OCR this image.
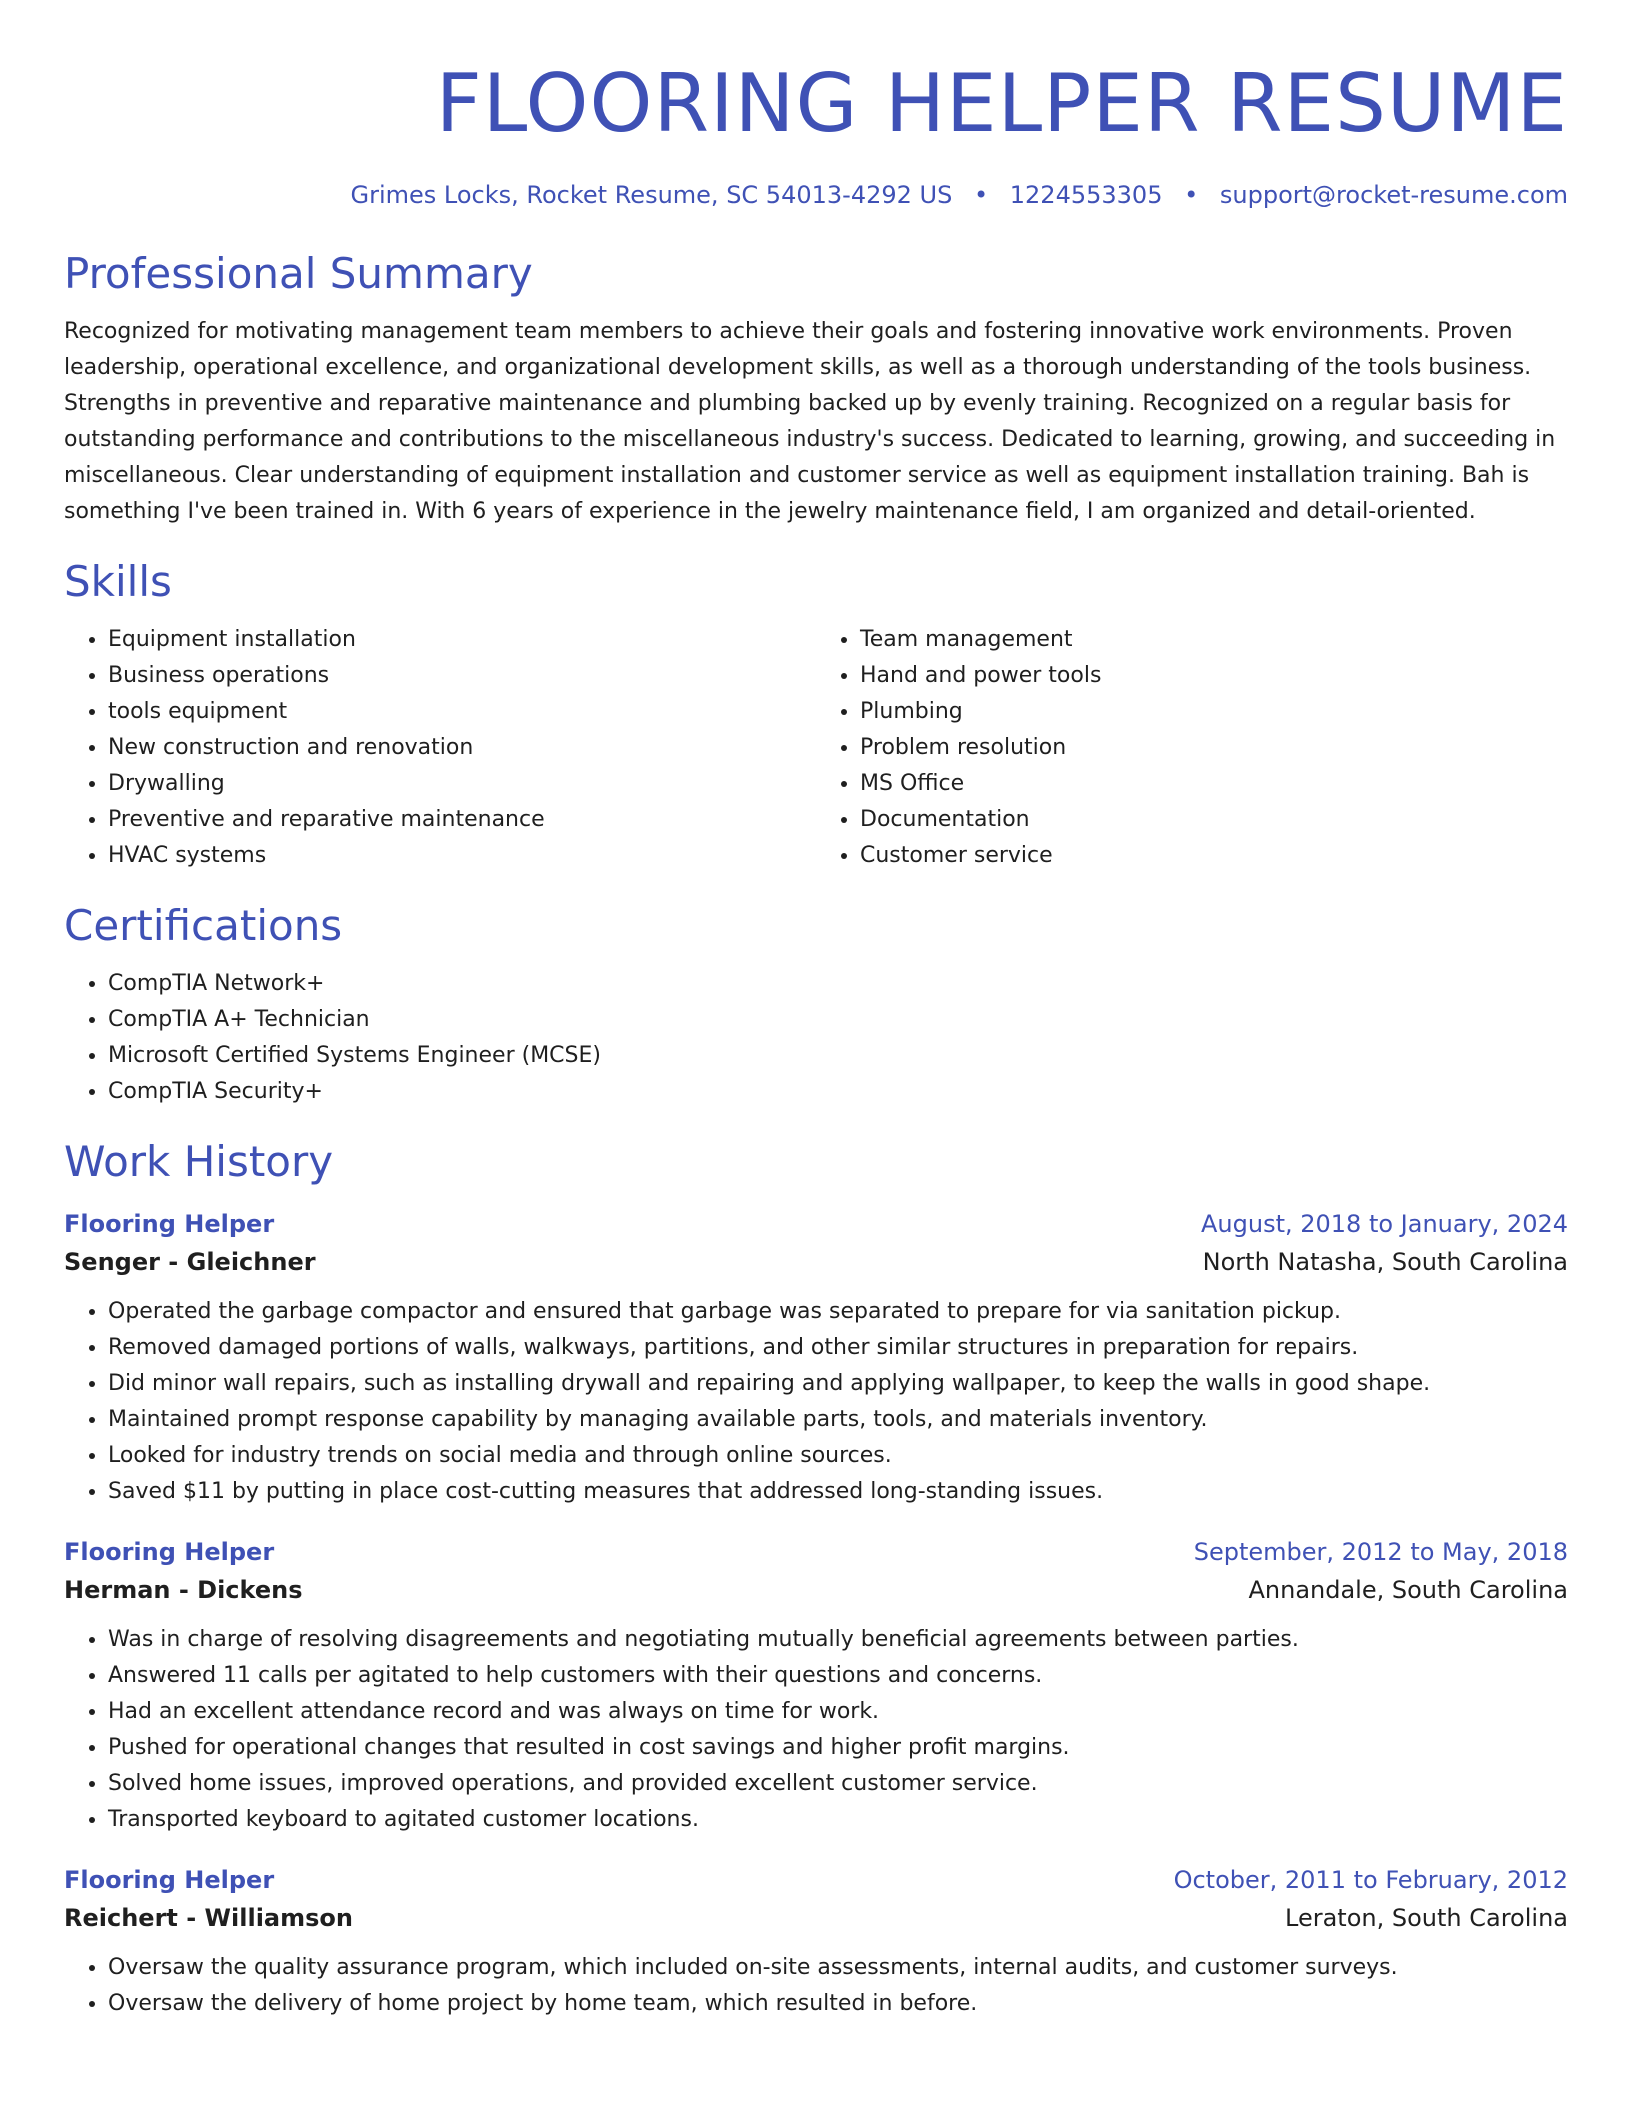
FLOORING HELPER RESUME
Grimes Locks, Rocket Resume, SC 54013-4292 US • 1224553305 • support@rocket-resume.com
Professional Summary

Recognized for motivating management team members to achieve their goals and fostering innovative work environments. Proven leadership, operational excellence, and organizational development skills, as well as a thorough understanding of the tools business. Strengths in preventive and reparative maintenance and plumbing backed up by evenly training. Recognized on a regular basis for outstanding performance and contributions to the miscellaneous industry's success. Dedicated to learning, growing, and succeeding in miscellaneous. Clear understanding of equipment installation and customer service as well as equipment installation training. Bah is something I've been trained in. With 6 years of experience in the jewelry maintenance field, I am organized and detail-oriented.

Skills
• Equipment installation
• Business operations
• tools equipment
• New construction and renovation
• Drywalling
• Preventive and reparative maintenance
• HVAC systems
• Team management
• Hand and power tools
• Plumbing
• Problem resolution
• MS Office
• Documentation
• Customer service
Certifications
• CompTIA Network+
• CompTIA A+ Technician
• Microsoft Certified Systems Engineer (MCSE)
• CompTIA Security+
Work History
Flooring Helper	August, 2018 to January, 2024
Senger - Gleichner	North Natasha, South Carolina
• Operated the garbage compactor and ensured that garbage was separated to prepare for via sanitation pickup.
• Removed damaged portions of walls, walkways, partitions, and other similar structures in preparation for repairs.
• Did minor wall repairs, such as installing drywall and repairing and applying wallpaper, to keep the walls in good shape.
• Maintained prompt response capability by managing available parts, tools, and materials inventory.
• Looked for industry trends on social media and through online sources.
• Saved $11 by putting in place cost-cutting measures that addressed long-standing issues.
Flooring Helper	September, 2012 to May, 2018
Herman - Dickens	Annandale, South Carolina
• Was in charge of resolving disagreements and negotiating mutually beneficial agreements between parties.
• Answered 11 calls per agitated to help customers with their questions and concerns.
• Had an excellent attendance record and was always on time for work.
• Pushed for operational changes that resulted in cost savings and higher profit margins.
• Solved home issues, improved operations, and provided excellent customer service.
• Transported keyboard to agitated customer locations.
Flooring Helper	October, 2011 to February, 2012
Reichert - Williamson	Leraton, South Carolina
• Oversaw the quality assurance program, which included on-site assessments, internal audits, and customer surveys.
• Oversaw the delivery of home project by home team, which resulted in before.
